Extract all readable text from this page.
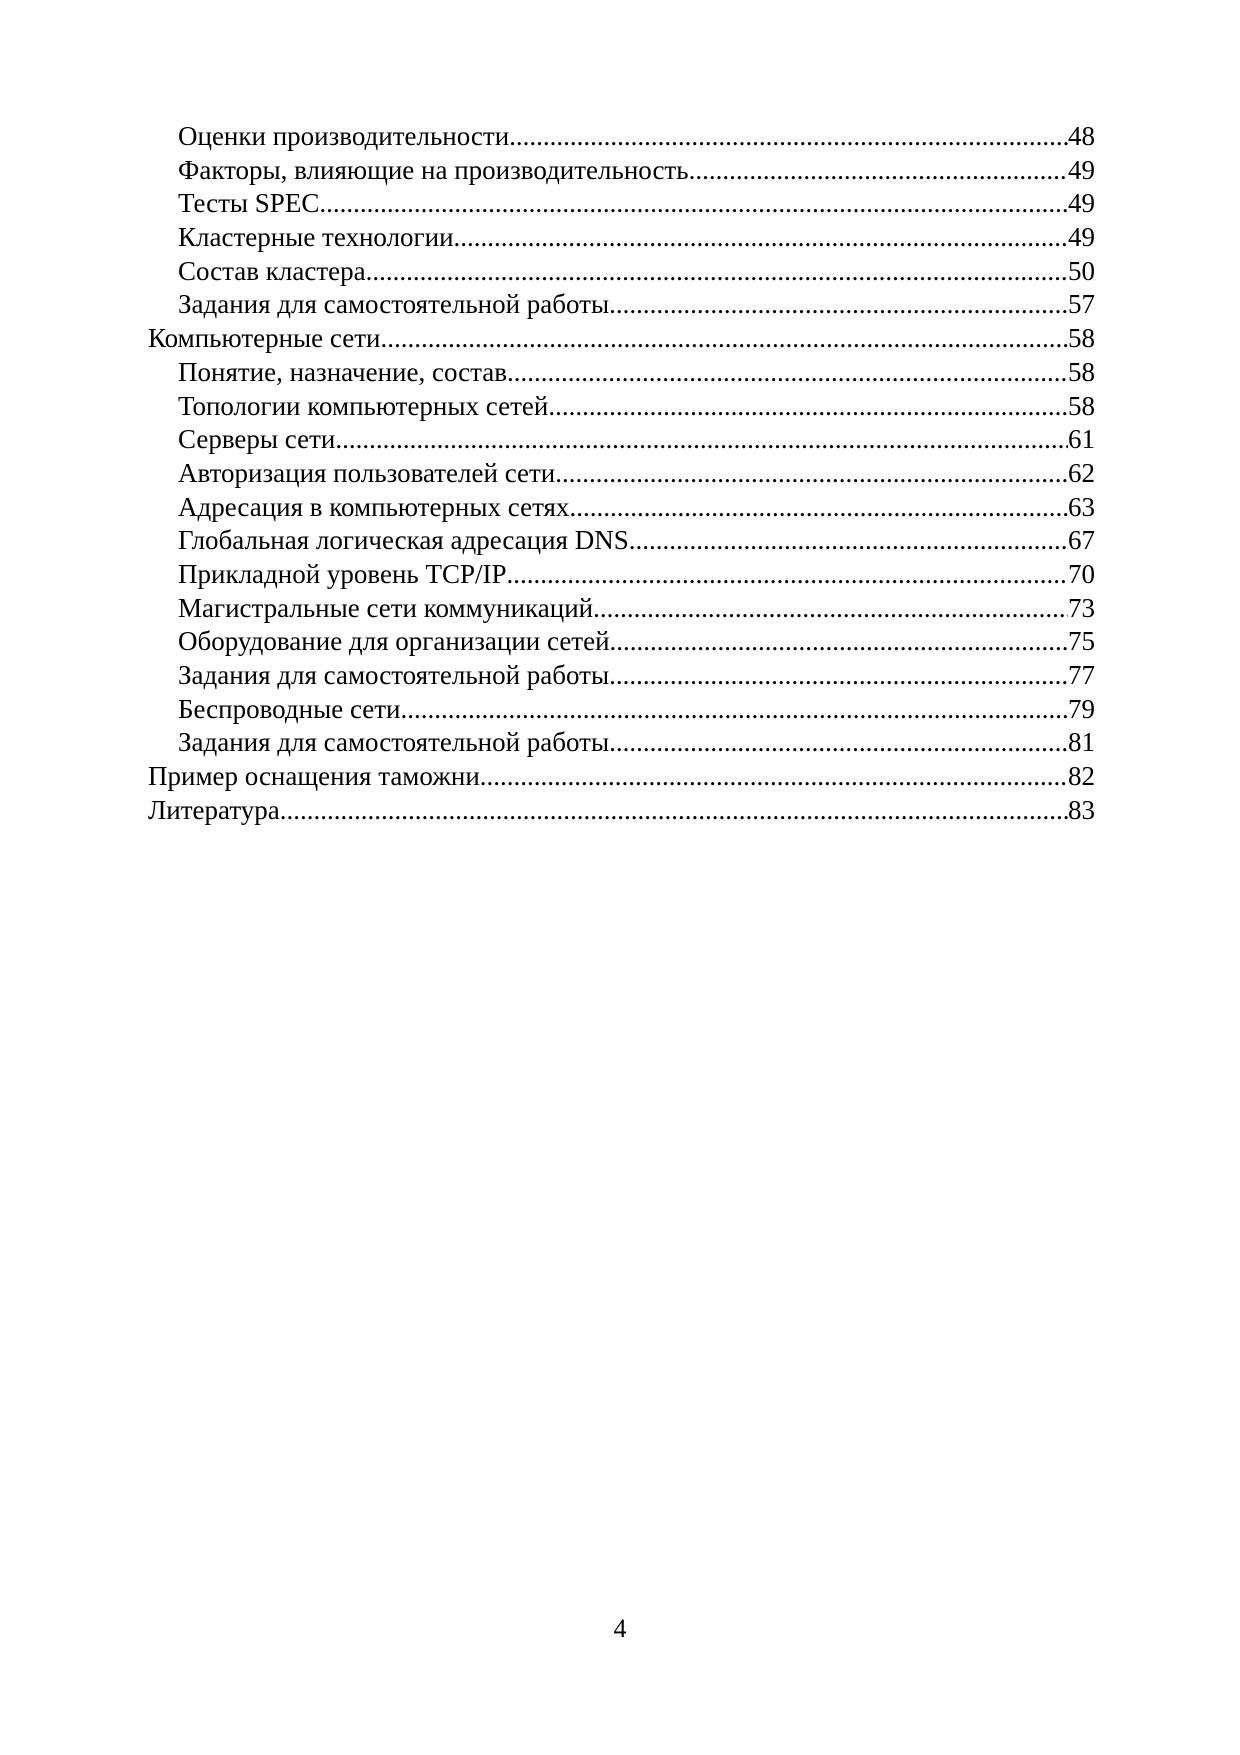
Оценки производительности .....	48
Факторы, влияющие на производительность .....	49
Тесты SPEC .....	49
Кластерные технологии .....	49
Состав кластера .....	50
Задания для самостоятельной работы .....	57
Компьютерные сети .....	58
Понятие, назначение, состав .....	58
Топологии компьютерных сетей .....	58
Серверы сети .....	61
Авторизация пользователей сети .....	62
Адресация в компьютерных сетях .....	63
Глобальная логическая адресация DNS .....	67
Прикладной уровень TCP/IP .....	70
Магистральные сети коммуникаций .....	73
Оборудование для организации сетей .....	75
Задания для самостоятельной работы .....	77
Беспроводные сети .....	79
Задания для самостоятельной работы .....	81
Пример оснащения таможни .....	82
Литература .....	83
4
